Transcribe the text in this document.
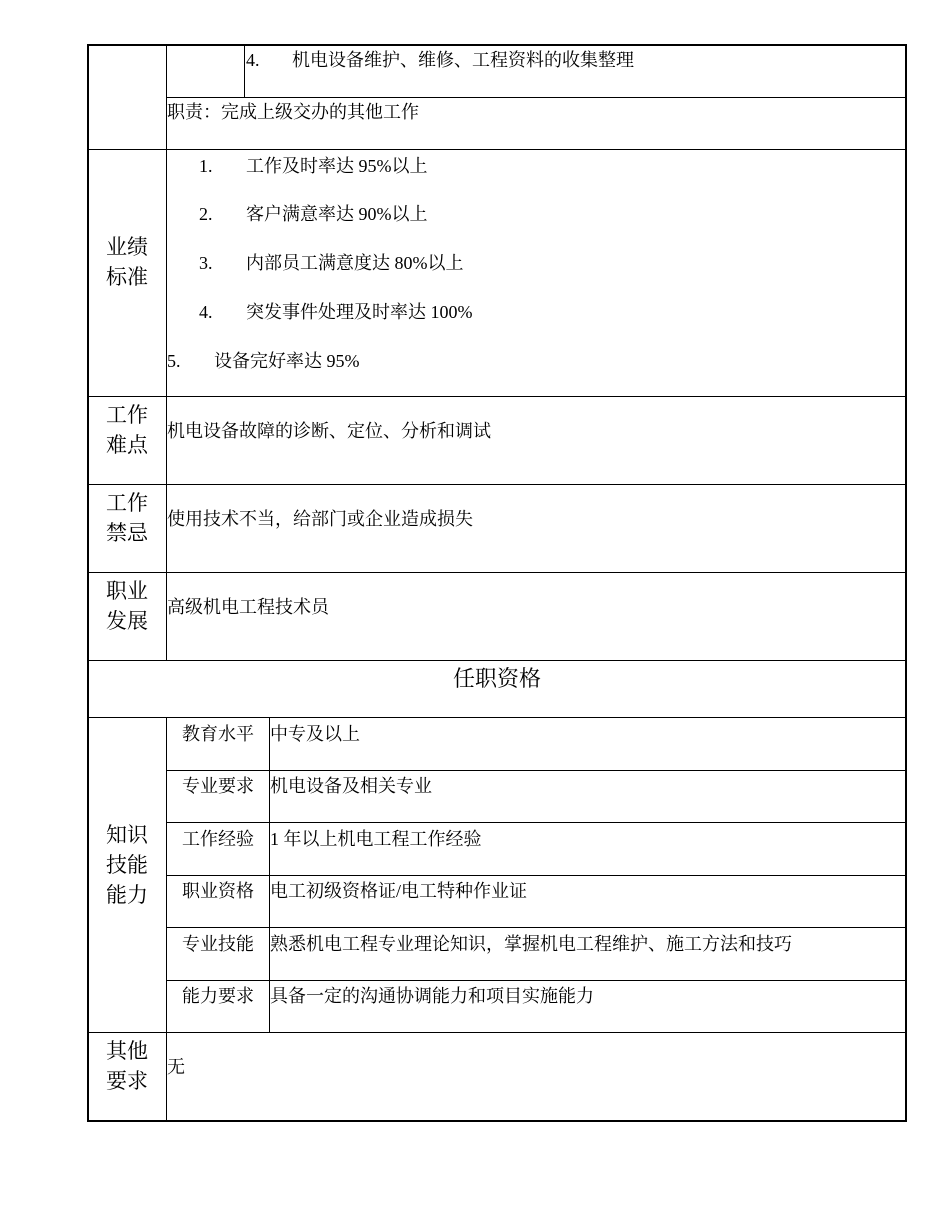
4. 机电设备维护、维修、工程资料的收集整理
职责：完成上级交办的其他工作
业绩
标准
1. 工作及时率达 95%以上
2. 客户满意率达 90%以上
3. 内部员工满意度达 80%以上
4. 突发事件处理及时率达 100%
5. 设备完好率达 95%
工作
难点
机电设备故障的诊断、定位、分析和调试
工作
禁忌
使用技术不当，给部门或企业造成损失
职业
发展
高级机电工程技术员
任职资格
知识
技能
能力
教育水平 中专及以上
专业要求 机电设备及相关专业
工作经验 1 年以上机电工程工作经验
职业资格 电工初级资格证/电工特种作业证
专业技能 熟悉机电工程专业理论知识，掌握机电工程维护、施工方法和技巧
能力要求 具备一定的沟通协调能力和项目实施能力
其他
要求
无
